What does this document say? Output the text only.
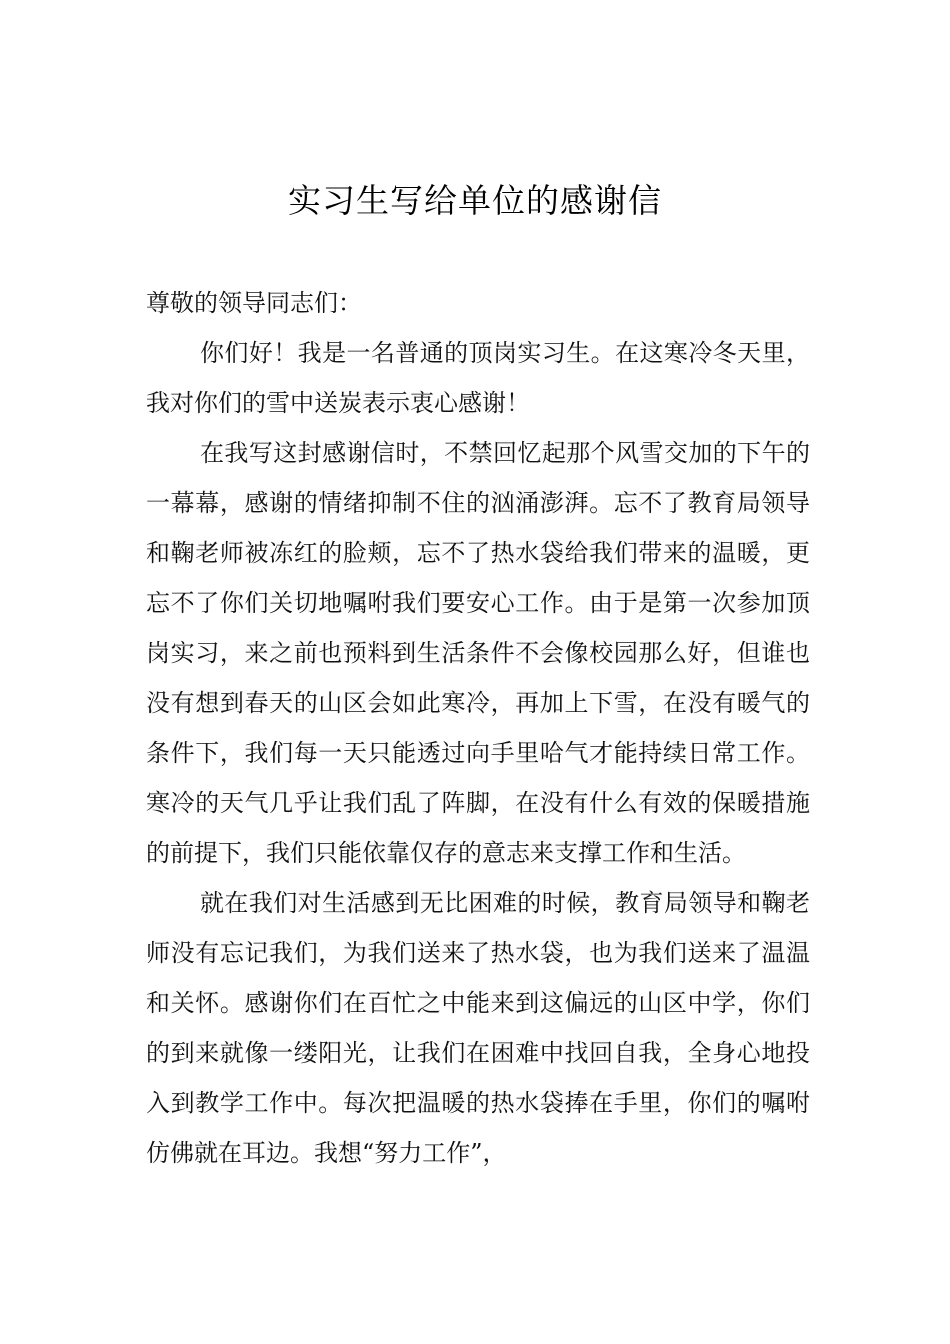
实习生写给单位的感谢信

尊敬的领导同志们：

你们好！我是一名普通的顶岗实习生。在这寒冷冬天里，我对你们的雪中送炭表示衷心感谢！

在我写这封感谢信时，不禁回忆起那个风雪交加的下午的一幕幕，感谢的情绪抑制不住的汹涌澎湃。忘不了教育局领导和鞠老师被冻红的脸颊，忘不了热水袋给我们带来的温暖，更忘不了你们关切地嘱咐我们要安心工作。由于是第一次参加顶岗实习，来之前也预料到生活条件不会像校园那么好，但谁也没有想到春天的山区会如此寒冷，再加上下雪，在没有暖气的条件下，我们每一天只能透过向手里哈气才能持续日常工作。寒冷的天气几乎让我们乱了阵脚，在没有什么有效的保暖措施的前提下，我们只能依靠仅存的意志来支撑工作和生活。

就在我们对生活感到无比困难的时候，教育局领导和鞠老师没有忘记我们，为我们送来了热水袋，也为我们送来了温温和关怀。感谢你们在百忙之中能来到这偏远的山区中学，你们的到来就像一缕阳光，让我们在困难中找回自我，全身心地投入到教学工作中。每次把温暖的热水袋捧在手里，你们的嘱咐仿佛就在耳边。我想“努力工作”，
